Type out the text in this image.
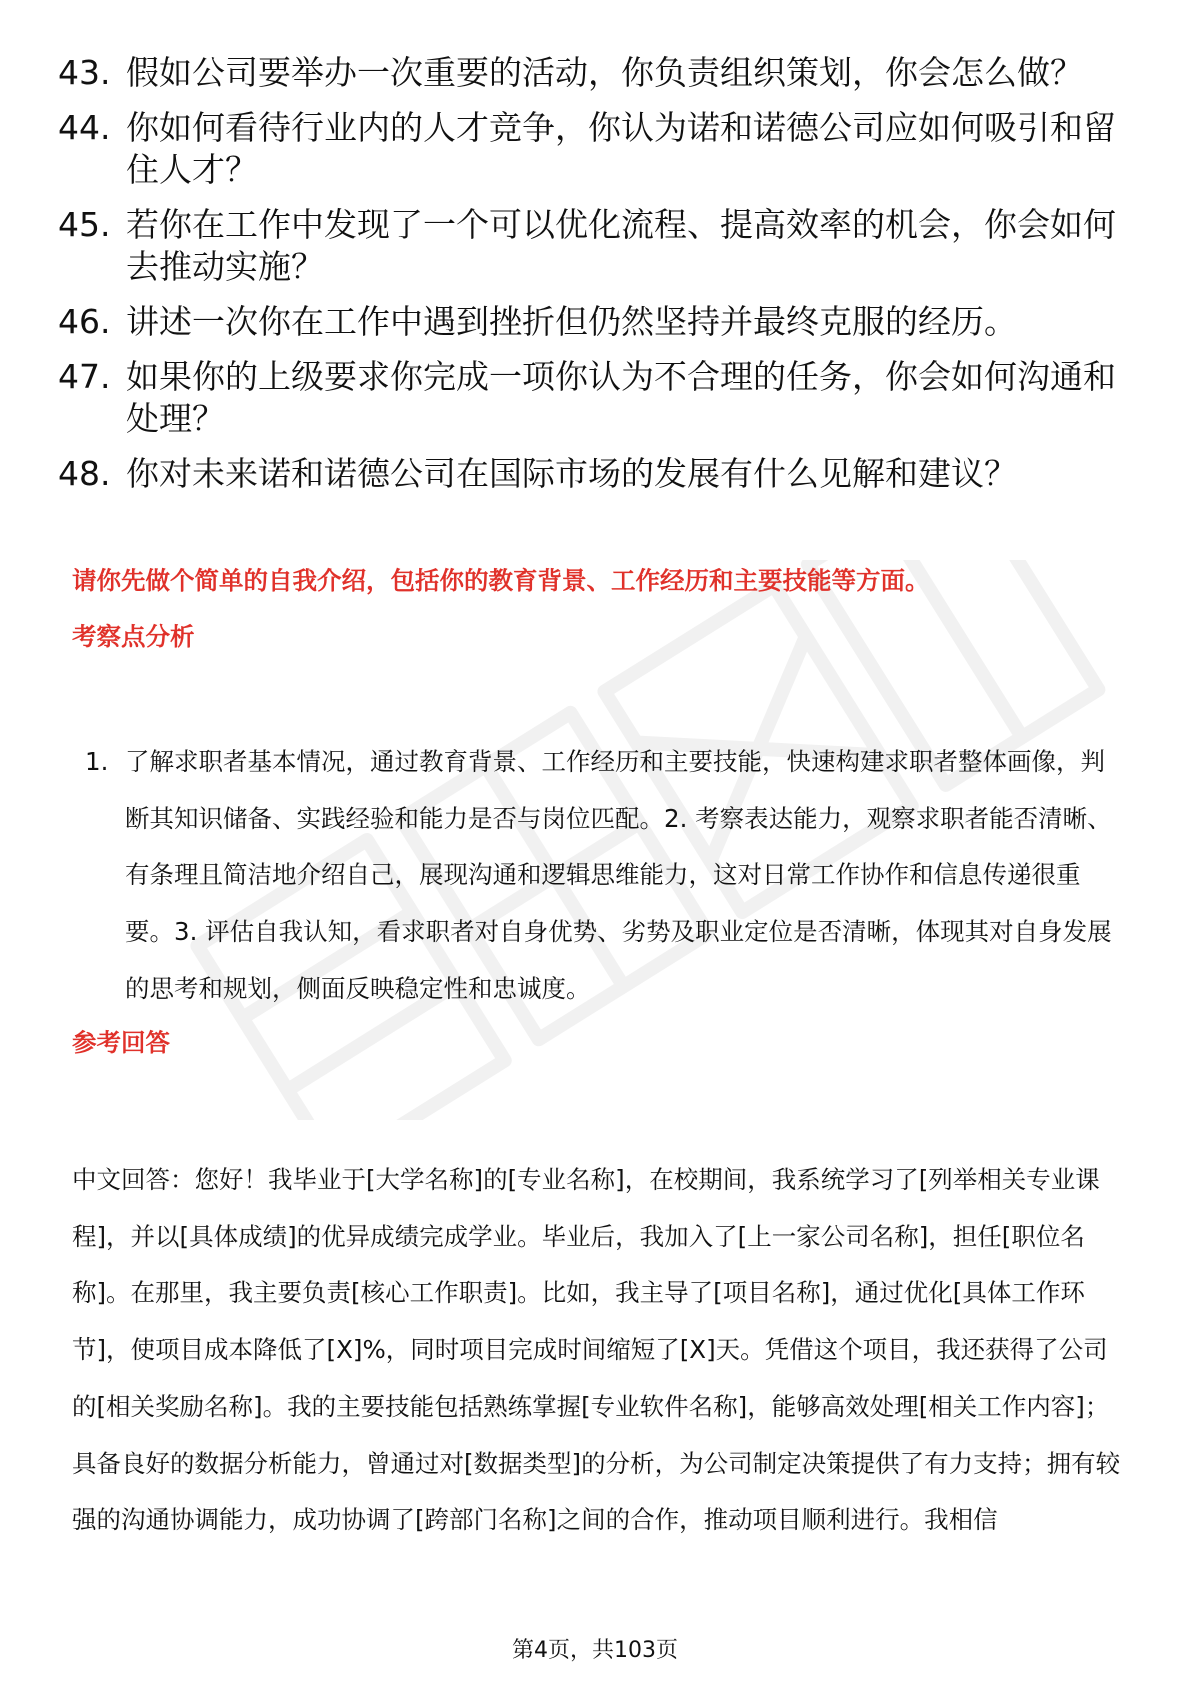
43. 假如公司要举办一次重要的活动，你负责组织策划，你会怎么做？
44. 你如何看待行业内的人才竞争，你认为诺和诺德公司应如何吸引和留住人才？
45. 若你在工作中发现了一个可以优化流程、提高效率的机会，你会如何去推动实施？
46. 讲述一次你在工作中遇到挫折但仍然坚持并最终克服的经历。
47. 如果你的上级要求你完成一项你认为不合理的任务，你会如何沟通和处理？
48. 你对未来诺和诺德公司在国际市场的发展有什么见解和建议？
请你先做个简单的自我介绍，包括你的教育背景、工作经历和主要技能等方面。
考察点分析
1. 了解求职者基本情况，通过教育背景、工作经历和主要技能，快速构建求职者整体画像，判断其知识储备、实践经验和能力是否与岗位匹配。2. 考察表达能力，观察求职者能否清晰、有条理且简洁地介绍自己，展现沟通和逻辑思维能力，这对日常工作协作和信息传递很重要。3. 评估自我认知，看求职者对自身优势、劣势及职业定位是否清晰，体现其对自身发展的思考和规划，侧面反映稳定性和忠诚度。
参考回答
中文回答：您好！我毕业于[大学名称]的[专业名称]，在校期间，我系统学习了[列举相关专业课程]，并以[具体成绩]的优异成绩完成学业。毕业后，我加入了[上一家公司名称]，担任[职位名称]。在那里，我主要负责[核心工作职责]。比如，我主导了[项目名称]，通过优化[具体工作环节]，使项目成本降低了[X]%，同时项目完成时间缩短了[X]天。凭借这个项目，我还获得了公司的[相关奖励名称]。我的主要技能包括熟练掌握[专业软件名称]，能够高效处理[相关工作内容]；具备良好的数据分析能力，曾通过对[数据类型]的分析，为公司制定决策提供了有力支持；拥有较强的沟通协调能力，成功协调了[跨部门名称]之间的合作，推动项目顺利进行。我相信
第4页，共103页
